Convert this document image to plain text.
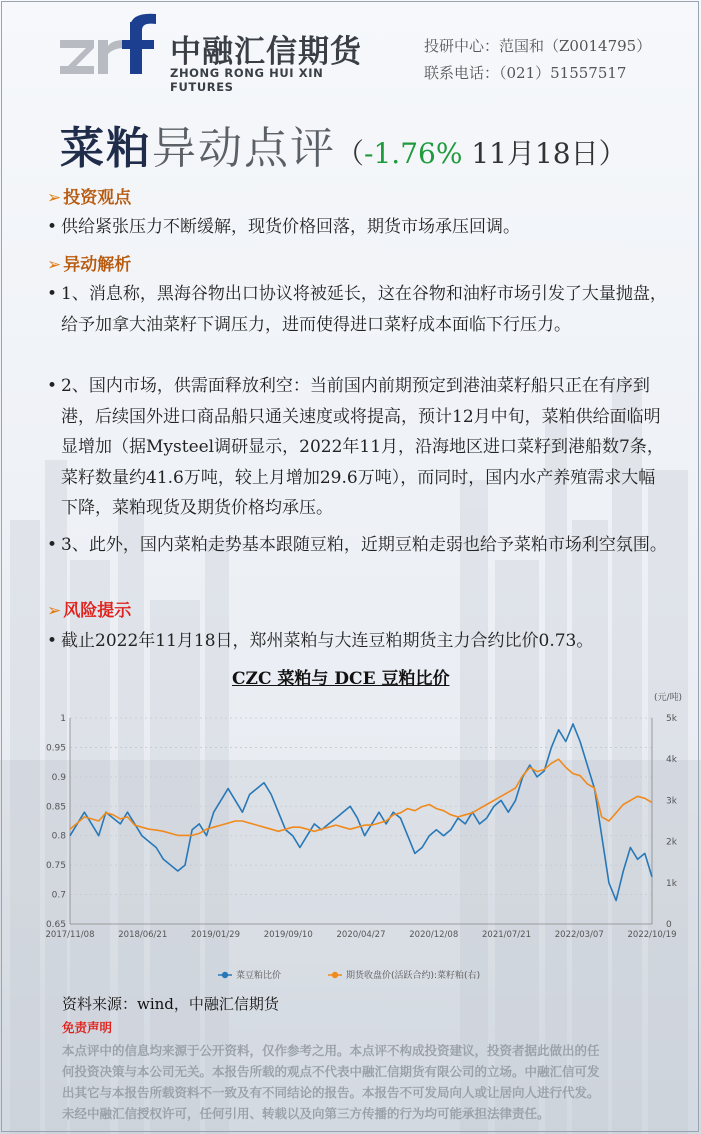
中融汇信期货
ZHONG RONG HUI XIN FUTURES
投研中心：范国和（Z0014795）
联系电话：（021）51557517
菜粕异动点评（-1.76% 11月18日）
➢ 投资观点
• 供给紧张压力不断缓解，现货价格回落，期货市场承压回调。
➢ 异动解析
• 1、消息称，黑海谷物出口协议将被延长，这在谷物和油籽市场引发了大量抛盘，给予加拿大油菜籽下调压力，进而使得进口菜籽成本面临下行压力。
• 2、国内市场，供需面释放利空：当前国内前期预定到港油菜籽船只正在有序到港，后续国外进口商品船只通关速度或将提高，预计12月中旬，菜粕供给面临明显增加（据Mysteel调研显示，2022年11月，沿海地区进口菜籽到港船数7条，菜籽数量约41.6万吨，较上月增加29.6万吨），而同时，国内水产养殖需求大幅下降，菜粕现货及期货价格均承压。
• 3、此外，国内菜粕走势基本跟随豆粕，近期豆粕走弱也给予菜粕市场利空氛围。
➢ 风险提示
• 截止2022年11月18日，郑州菜粕与大连豆粕期货主力合约比价0.73。
CZC 菜粕与 DCE 豆粕比价
1
0.95
0.9
0.85
0.8
0.75
0.7
0.65
5k
4k
3k
2k
1k
0
(元/吨)
2017/11/08	2018/06/21	2019/01/29	2019/09/10	2020/04/27	2020/12/08	2021/07/21	2022/03/07	2022/10/19
菜豆粕比价	期货收盘价(活跃合约):菜籽粕(右)
资料来源：wind，中融汇信期货
免责声明
本点评中的信息均来源于公开资料，仅作参考之用。本点评不构成投资建议，投资者据此做出的任
何投资决策与本公司无关。本报告所载的观点不代表中融汇信期货有限公司的立场。中融汇信可发
出其它与本报告所载资料不一致及有不同结论的报告。本报告不可发局向人或让居向人进行代发。
未经中融汇信授权许可，任何引用、转载以及向第三方传播的行为均可能承担法律责任。
